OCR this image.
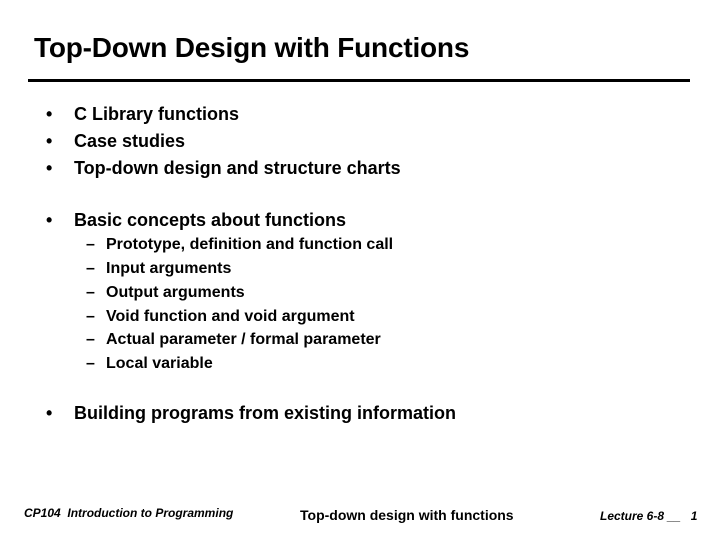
Top-Down Design with Functions
• C Library functions
• Case studies
• Top-down design and structure charts
• Basic concepts about functions
– Prototype, definition and function call
– Input arguments
– Output arguments
– Void function and void argument
– Actual parameter / formal parameter
– Local variable
• Building programs from existing information
CP104  Introduction to Programming	Top-down design with functions	Lecture 6-8 __   1
